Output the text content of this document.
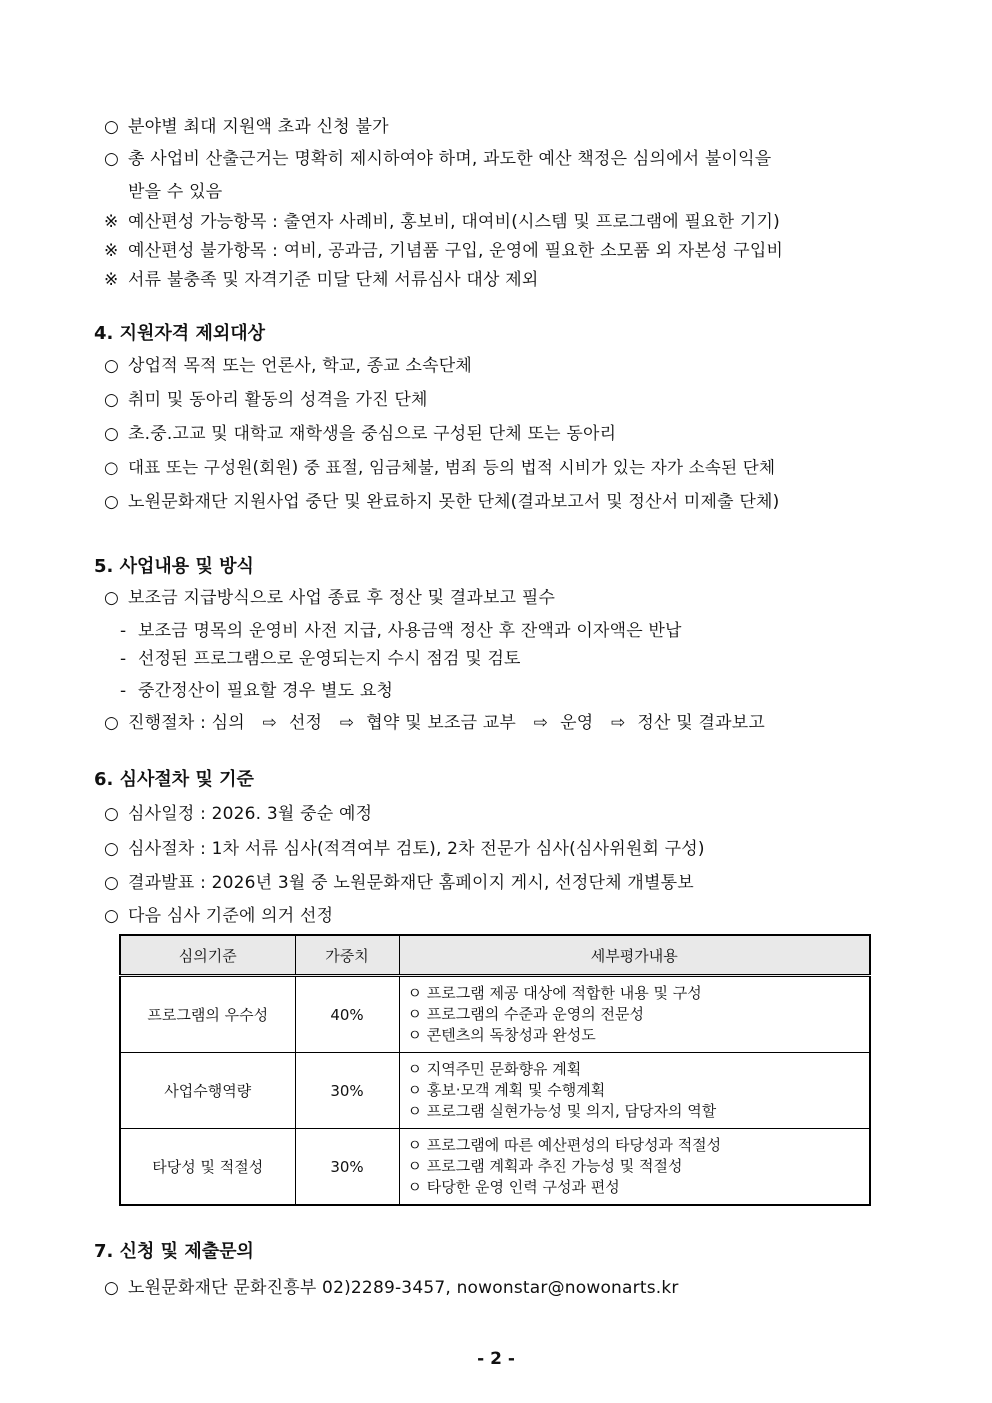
○ 분야별 최대 지원액 초과 신청 불가
○ 총 사업비 산출근거는 명확히 제시하여야 하며, 과도한 예산 책정은 심의에서 불이익을
받을 수 있음
※ 예산편성 가능항목 : 출연자 사례비, 홍보비, 대여비(시스템 및 프로그램에 필요한 기기)
※ 예산편성 불가항목 : 여비, 공과금, 기념품 구입, 운영에 필요한 소모품 외 자본성 구입비
※ 서류 불충족 및 자격기준 미달 단체 서류심사 대상 제외
4. 지원자격 제외대상
○ 상업적 목적 또는 언론사, 학교, 종교 소속단체
○ 취미 및 동아리 활동의 성격을 가진 단체
○ 초.중.고교 및 대학교 재학생을 중심으로 구성된 단체 또는 동아리
○ 대표 또는 구성원(회원) 중 표절, 임금체불, 범죄 등의 법적 시비가 있는 자가 소속된 단체
○ 노원문화재단 지원사업 중단 및 완료하지 못한 단체(결과보고서 및 정산서 미제출 단체)
5. 사업내용 및 방식
○ 보조금 지급방식으로 사업 종료 후 정산 및 결과보고 필수
- 보조금 명목의 운영비 사전 지급, 사용금액 정산 후 잔액과 이자액은 반납
- 선정된 프로그램으로 운영되는지 수시 점검 및 검토
- 중간정산이 필요할 경우 별도 요청
○ 진행절차 : 심의 ⇨ 선정 ⇨ 협약 및 보조금 교부 ⇨ 운영 ⇨ 정산 및 결과보고
6. 심사절차 및 기준
○ 심사일정 : 2026. 3월 중순 예정
○ 심사절차 : 1차 서류 심사(적격여부 검토), 2차 전문가 심사(심사위원회 구성)
○ 결과발표 : 2026년 3월 중 노원문화재단 홈페이지 게시, 선정단체 개별통보
○ 다음 심사 기준에 의거 선정
심의기준	가중치	세부평가내용
프로그램의 우수성	40%	ㅇ 프로그램 제공 대상에 적합한 내용 및 구성
ㅇ 프로그램의 수준과 운영의 전문성
ㅇ 콘텐츠의 독창성과 완성도

사업수행역량	30%	ㅇ 지역주민 문화향유 계획
ㅇ 홍보·모객 계획 및 수행계획
ㅇ 프로그램 실현가능성 및 의지, 담당자의 역할

타당성 및 적절성	30%	ㅇ 프로그램에 따른 예산편성의 타당성과 적절성
ㅇ 프로그램 계획과 추진 가능성 및 적절성
ㅇ 타당한 운영 인력 구성과 편성
7. 신청 및 제출문의
○ 노원문화재단 문화진흥부 02)2289-3457, nowonstar@nowonarts.kr
- 2 -
